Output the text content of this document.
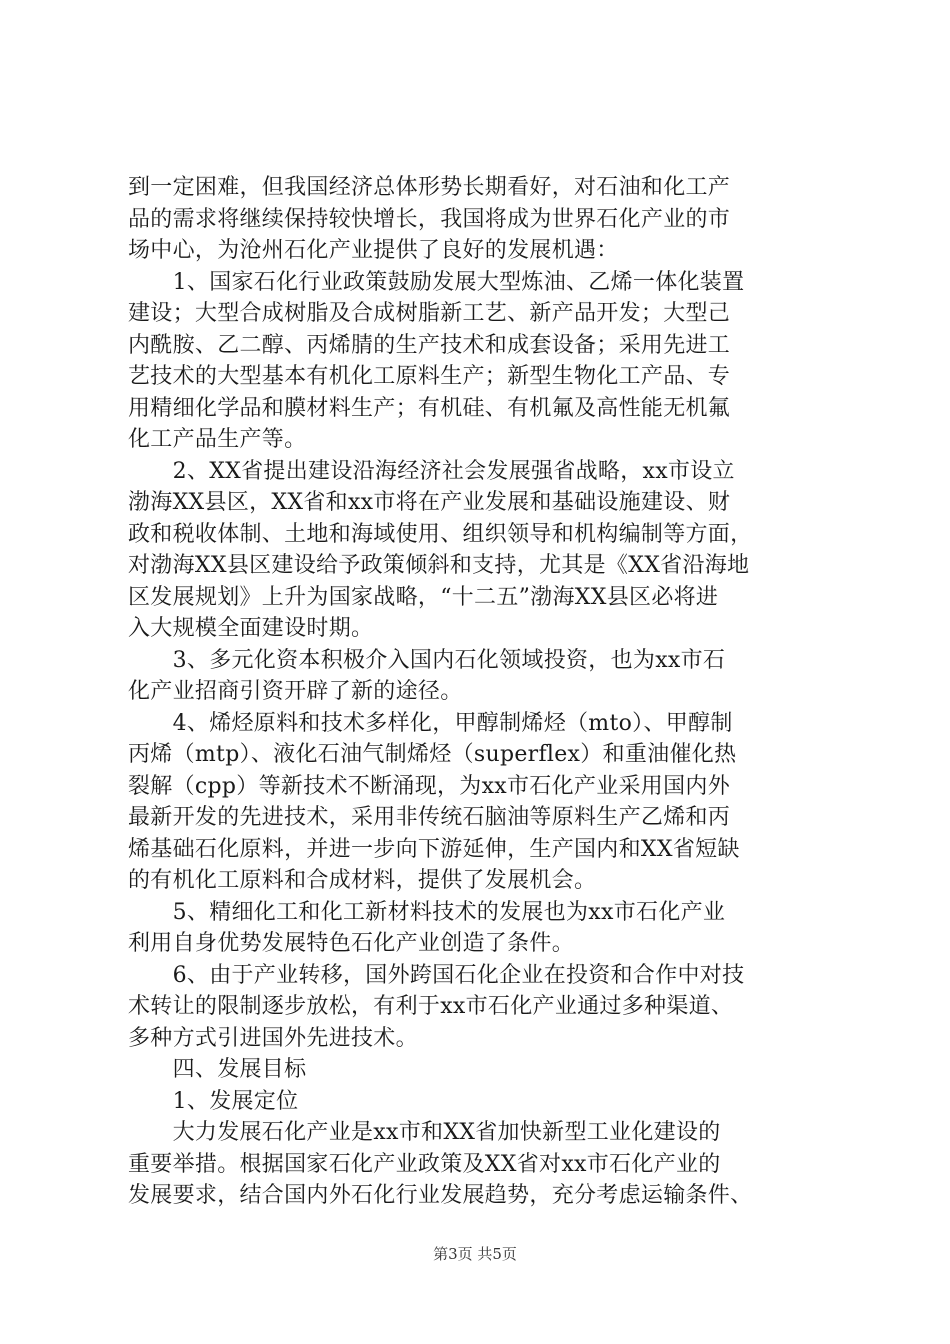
到一定困难，但我国经济总体形势长期看好，对石油和化工产
品的需求将继续保持较快增长，我国将成为世界石化产业的市
场中心，为沧州石化产业提供了良好的发展机遇：
　　1、国家石化行业政策鼓励发展大型炼油、乙烯一体化装置
建设；大型合成树脂及合成树脂新工艺、新产品开发；大型己
内酰胺、乙二醇、丙烯腈的生产技术和成套设备；采用先进工
艺技术的大型基本有机化工原料生产；新型生物化工产品、专
用精细化学品和膜材料生产；有机硅、有机氟及高性能无机氟
化工产品生产等。
　　2、XX省提出建设沿海经济社会发展强省战略，xx市设立
渤海XX县区，XX省和xx市将在产业发展和基础设施建设、财
政和税收体制、土地和海域使用、组织领导和机构编制等方面，
对渤海XX县区建设给予政策倾斜和支持，尤其是《XX省沿海地
区发展规划》上升为国家战略，“十二五”渤海XX县区必将进
入大规模全面建设时期。
　　3、多元化资本积极介入国内石化领域投资，也为xx市石
化产业招商引资开辟了新的途径。
　　4、烯烃原料和技术多样化，甲醇制烯烃（mto）、甲醇制
丙烯（mtp）、液化石油气制烯烃（superflex）和重油催化热
裂解（cpp）等新技术不断涌现，为xx市石化产业采用国内外
最新开发的先进技术，采用非传统石脑油等原料生产乙烯和丙
烯基础石化原料，并进一步向下游延伸，生产国内和XX省短缺
的有机化工原料和合成材料，提供了发展机会。
　　5、精细化工和化工新材料技术的发展也为xx市石化产业
利用自身优势发展特色石化产业创造了条件。
　　6、由于产业转移，国外跨国石化企业在投资和合作中对技
术转让的限制逐步放松，有利于xx市石化产业通过多种渠道、
多种方式引进国外先进技术。
　　四、发展目标
　　1、发展定位
　　大力发展石化产业是xx市和XX省加快新型工业化建设的
重要举措。根据国家石化产业政策及XX省对xx市石化产业的
发展要求，结合国内外石化行业发展趋势，充分考虑运输条件、
第3页 共5页
